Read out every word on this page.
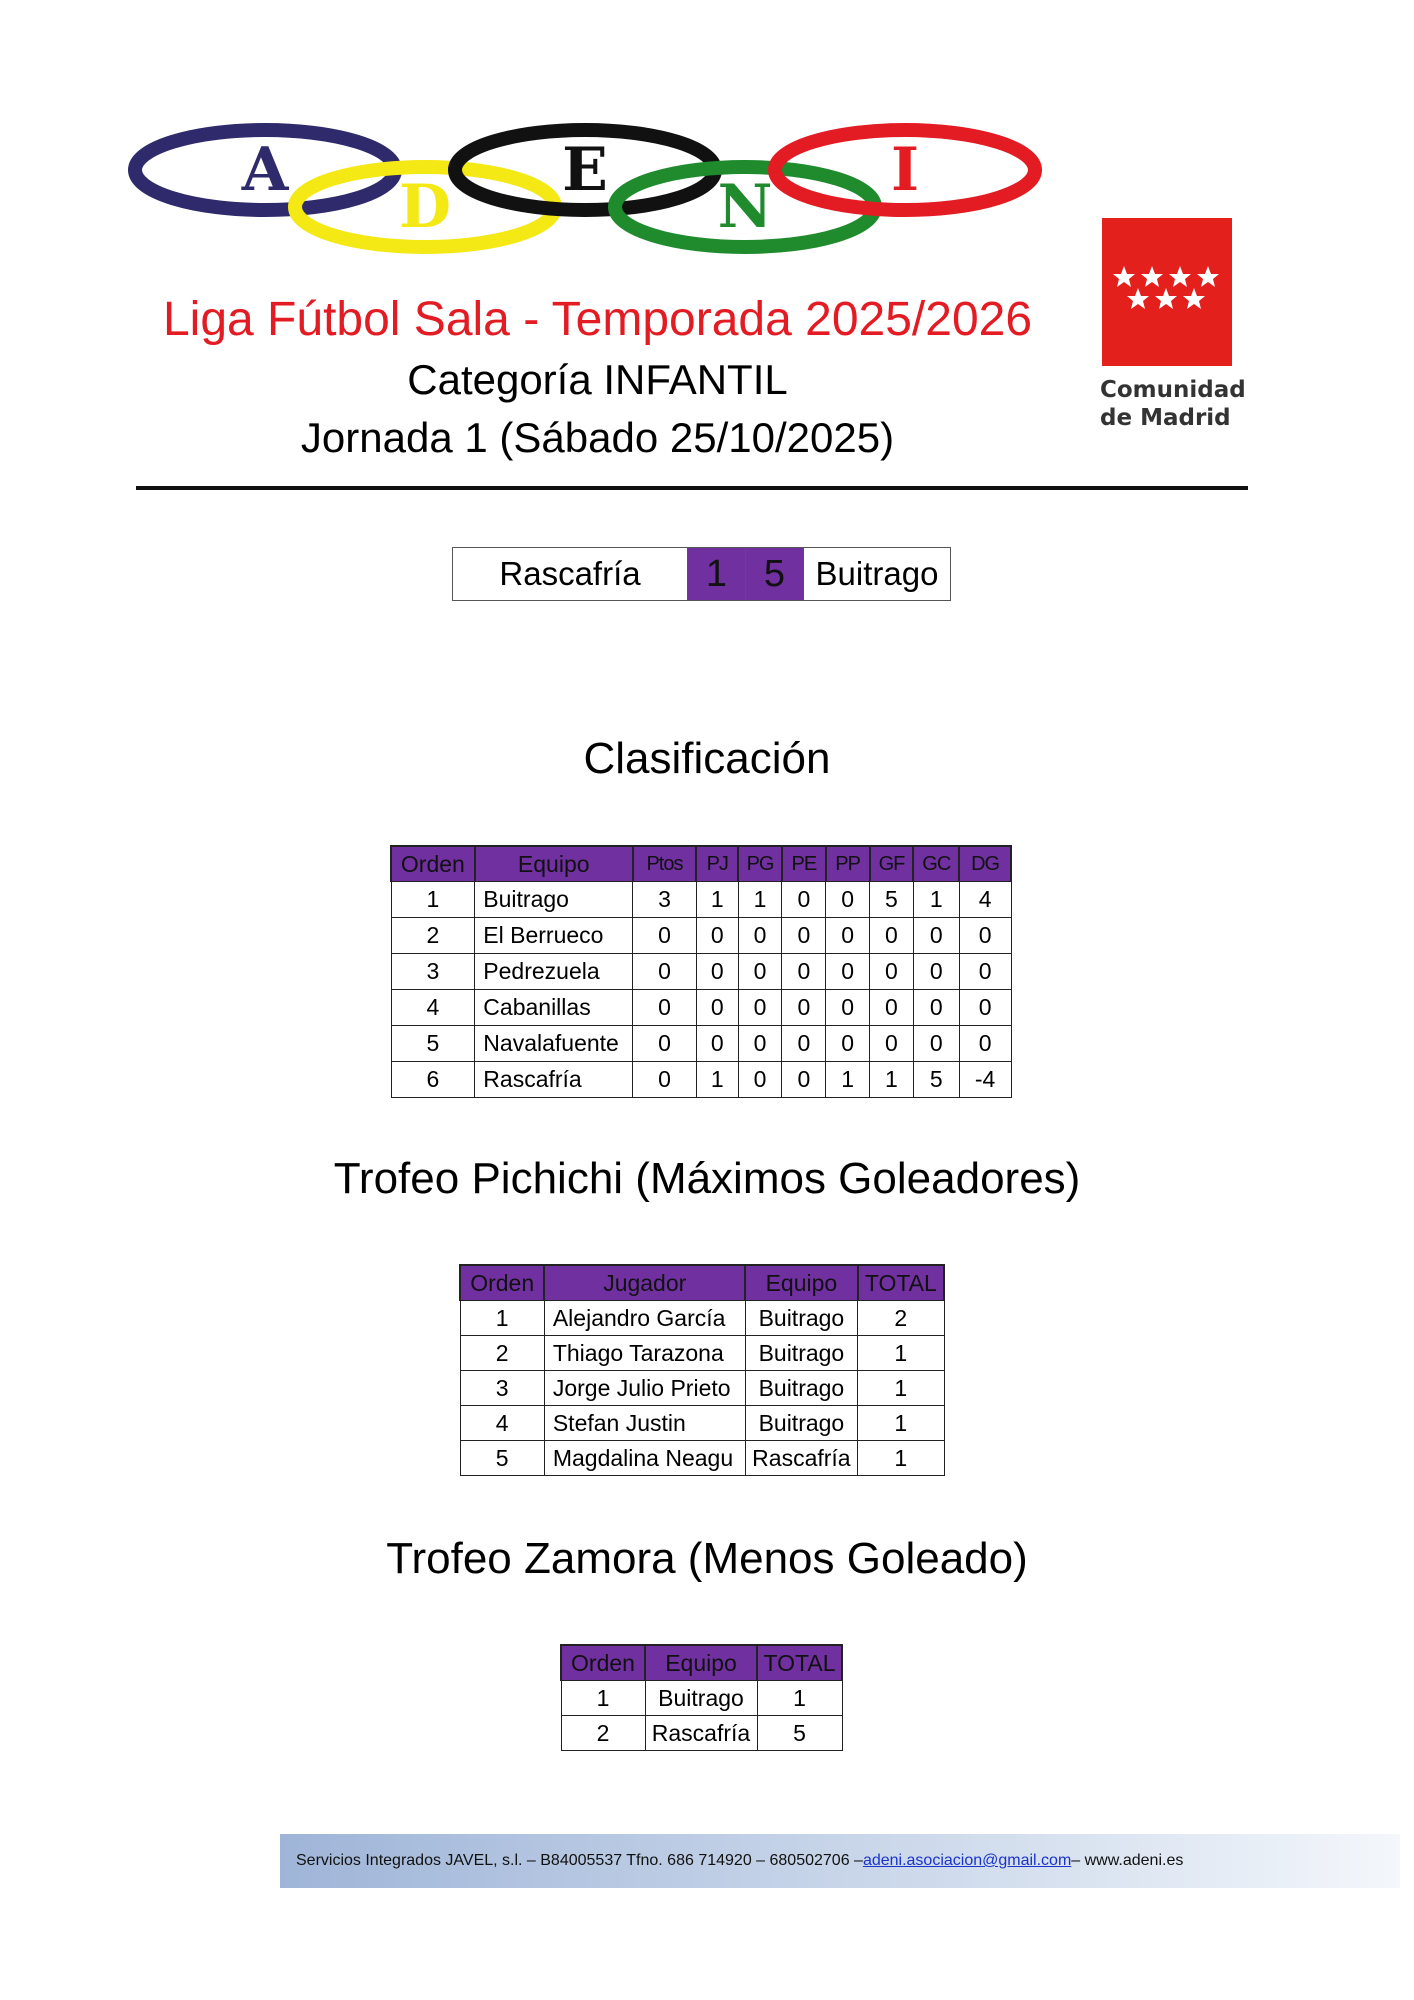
A
D
E
N
I
Liga Fútbol Sala - Temporada 2025/2026
Categoría INFANTIL
Jornada 1 (Sábado 25/10/2025)
Comunidad
de Madrid
Rascafría	1 5 Buitrago
Clasificación
Orden	Equipo	Ptos	PJ	PG	PE	PP	GF	GC	DG
1	Buitrago	3	1	1	0	0	5	1	4
2	El Berrueco	0	0	0	0	0	0	0	0
3	Pedrezuela	0	0	0	0	0	0	0	0
4	Cabanillas	0	0	0	0	0	0	0	0
5	Navalafuente	0	0	0	0	0	0	0	0
6	Rascafría	0	1	0	0	1	1	5	-4
Trofeo Pichichi (Máximos Goleadores)
Orden	Jugador	Equipo	TOTAL
1	Alejandro García	Buitrago	2
2	Thiago Tarazona	Buitrago	1
3	Jorge Julio Prieto	Buitrago	1
4	Stefan Justin	Buitrago	1
5	Magdalina Neagu	Rascafría	1
Trofeo Zamora (Menos Goleado)
Orden	Equipo	TOTAL
1	Buitrago	1
2	Rascafría	5
Servicios Integrados JAVEL, s.l. – B84005537 Tfno. 686 714920 – 680502706 – adeni.asociacion@gmail.com – www.adeni.es
